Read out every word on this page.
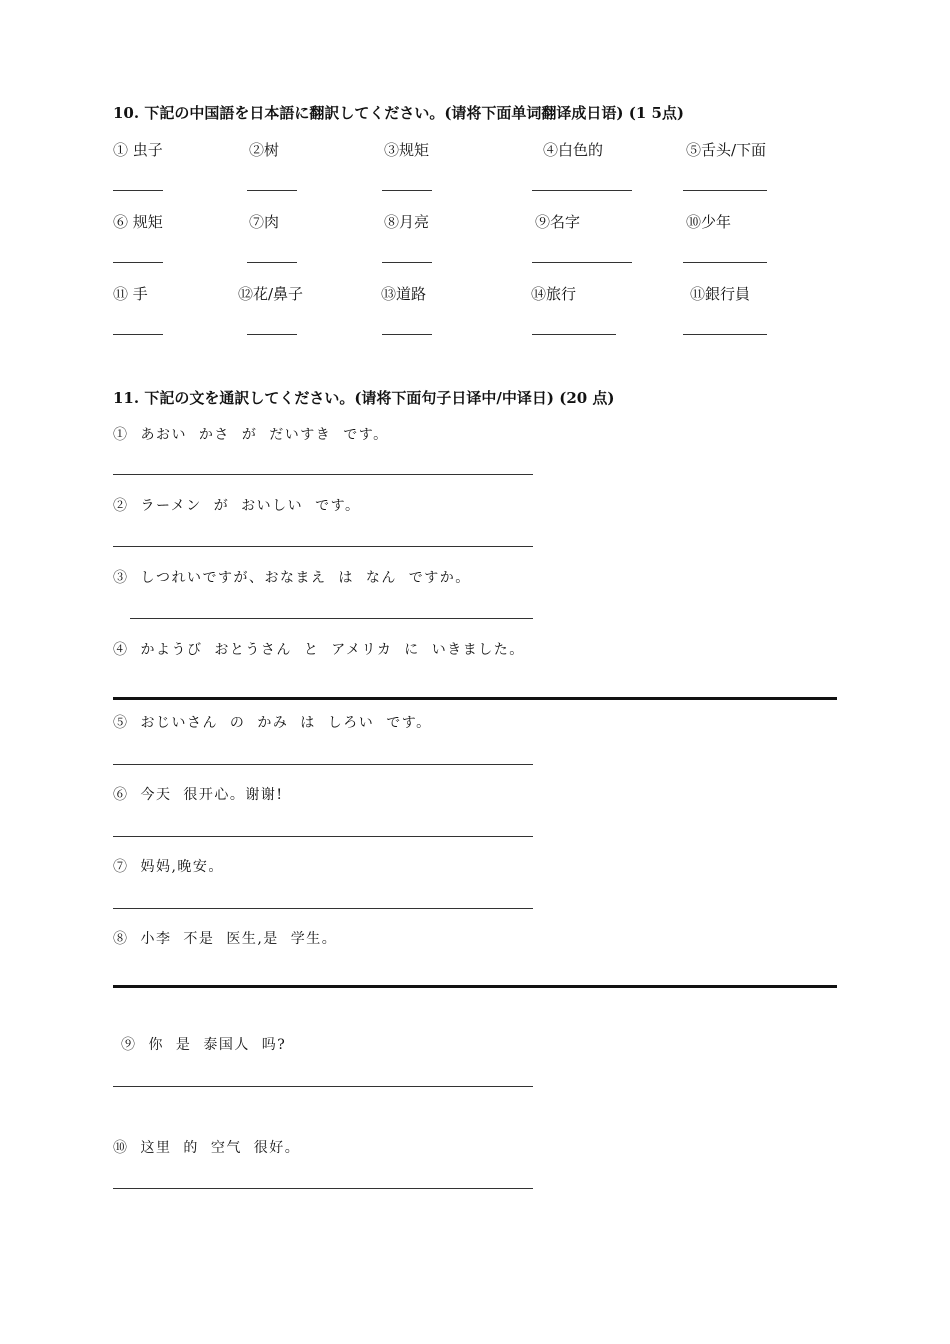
10. 下記の中国語を日本語に翻訳してください。(请将下面单词翻译成日语) (1 5点)
① 虫子	②树	③规矩	④白色的	⑤舌头/下面
⑥ 规矩	⑦肉	⑧月亮	⑨名字	⑩少年
⑪ 手	⑫花/鼻子	⑬道路	⑭旅行	⑪銀行員
11. 下記の文を通訳してください。(请将下面句子日译中/中译日) (20 点)
① あおい かさ が だいすき です。
② ラーメン が おいしい です。
③ しつれいですが、おなまえ は なん ですか。
④ かようび おとうさん と アメリカ に いきました。
⑤ おじいさん の かみ は しろい です。
⑥ 今天 很开心。谢谢!
⑦ 妈妈,晚安。
⑧ 小李 不是 医生,是 学生。
⑨ 你 是 泰国人 吗?
⑩ 这里 的 空气 很好。
